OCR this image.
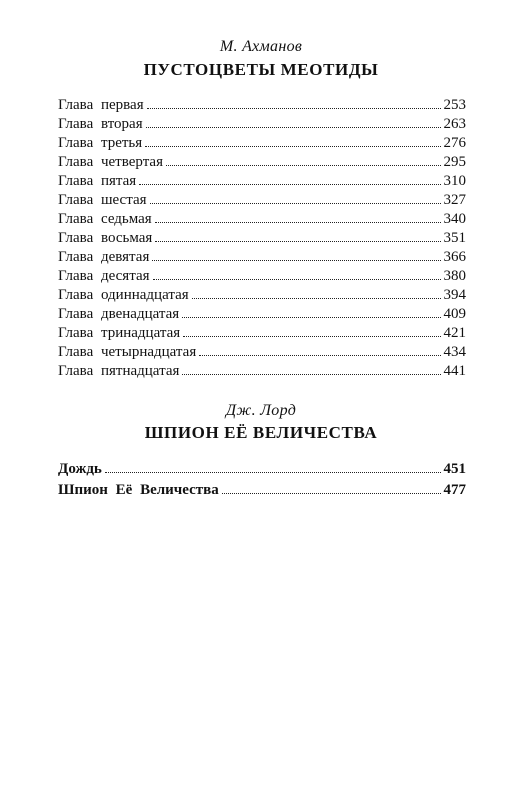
М. Ахманов
ПУСТОЦВЕТЫ МЕОТИДЫ
Глава первая	253
Глава вторая	263
Глава третья	276
Глава четвертая	295
Глава пятая	310
Глава шестая	327
Глава седьмая	340
Глава восьмая	351
Глава девятая	366
Глава десятая	380
Глава одиннадцатая	394
Глава двенадцатая	409
Глава тринадцатая	421
Глава четырнадцатая	434
Глава пятнадцатая	441
Дж. Лорд
ШПИОН ЕЁ ВЕЛИЧЕСТВА
Дождь	451
Шпион Её Величества	477
